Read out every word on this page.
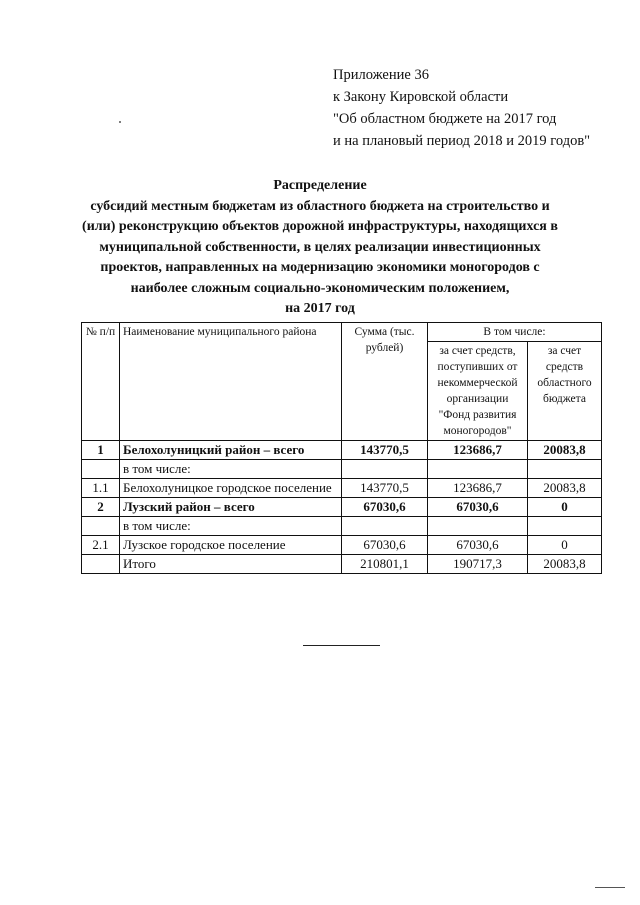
Приложение 36
к Закону Кировской области
"Об областном бюджете на 2017 год
и на плановый период 2018 и 2019 годов"
Распределение
субсидий местным бюджетам из областного бюджета на строительство и
(или) реконструкцию объектов дорожной инфраструктуры, находящихся в
муниципальной собственности, в целях реализации инвестиционных
проектов, направленных на модернизацию экономики моногородов с
наиболее сложным социально-экономическим положением,
на 2017 год
№ п/п	Наименование муниципального района	Сумма (тыс. рублей)	В том числе:	
			за счет средств, поступивших от некоммерческой организации "Фонд развития моногородов"	за счет средств областного бюджета
1	Белохолуницкий район – всего	143770,5	123686,7	20083,8
	в том числе:			
1.1	Белохолуницкое городское поселение	143770,5	123686,7	20083,8
2	Лузский район – всего	67030,6	67030,6	0
	в том числе:			
2.1	Лузское городское поселение	67030,6	67030,6	0
	Итого	210801,1	190717,3	20083,8
